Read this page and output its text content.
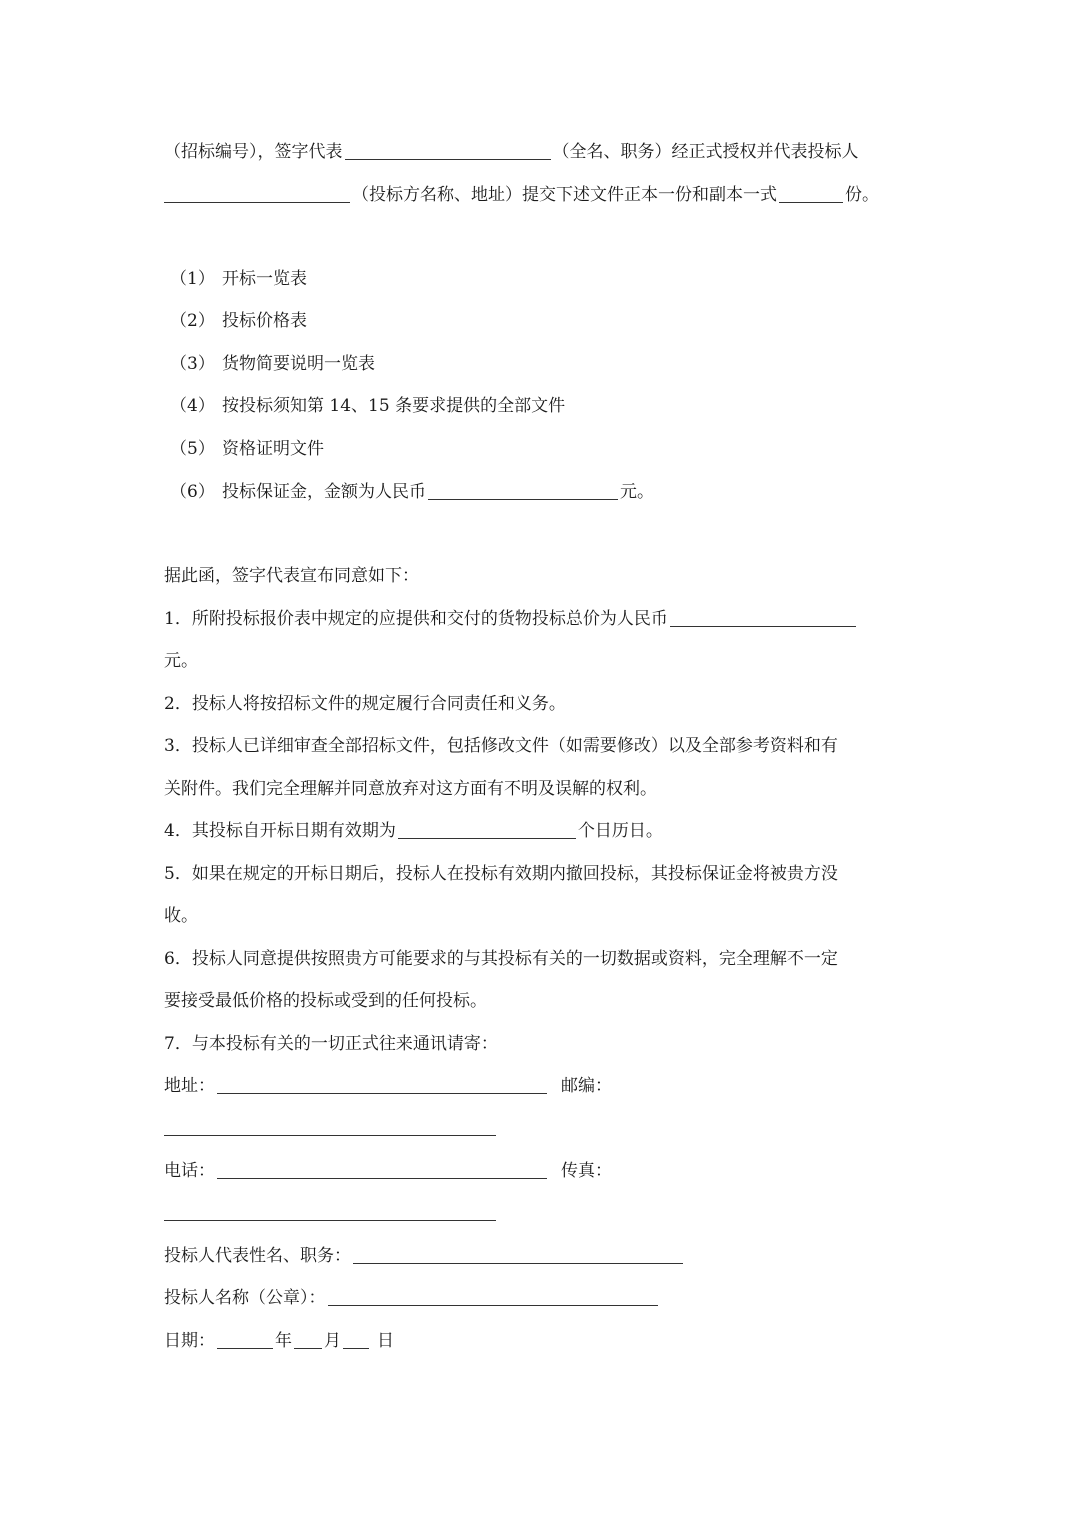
（招标编号），签字代表	（全名、职务）经正式授权并代表投标人
（投标方名称、地址）提交下述文件正本一份和副本一式	份。
（1） 开标一览表
（2） 投标价格表
（3） 货物简要说明一览表
（4） 按投标须知第 14、15 条要求提供的全部文件
（5） 资格证明文件
（6） 投标保证金，金额为人民币	元。
据此函，签字代表宣布同意如下：
1．所附投标报价表中规定的应提供和交付的货物投标总价为人民币
元。
2．投标人将按招标文件的规定履行合同责任和义务。
3．投标人已详细审查全部招标文件，包括修改文件（如需要修改）以及全部参考资料和有
关附件。我们完全理解并同意放弃对这方面有不明及误解的权利。
4．其投标自开标日期有效期为	个日历日。
5．如果在规定的开标日期后，投标人在投标有效期内撤回投标，其投标保证金将被贵方没
收。
6．投标人同意提供按照贵方可能要求的与其投标有关的一切数据或资料，完全理解不一定
要接受最低价格的投标或受到的任何投标。
7．与本投标有关的一切正式往来通讯请寄：
地址：	邮编：
电话：	传真：
投标人代表性名、职务：
投标人名称（公章）：
日期：	年 月 日
